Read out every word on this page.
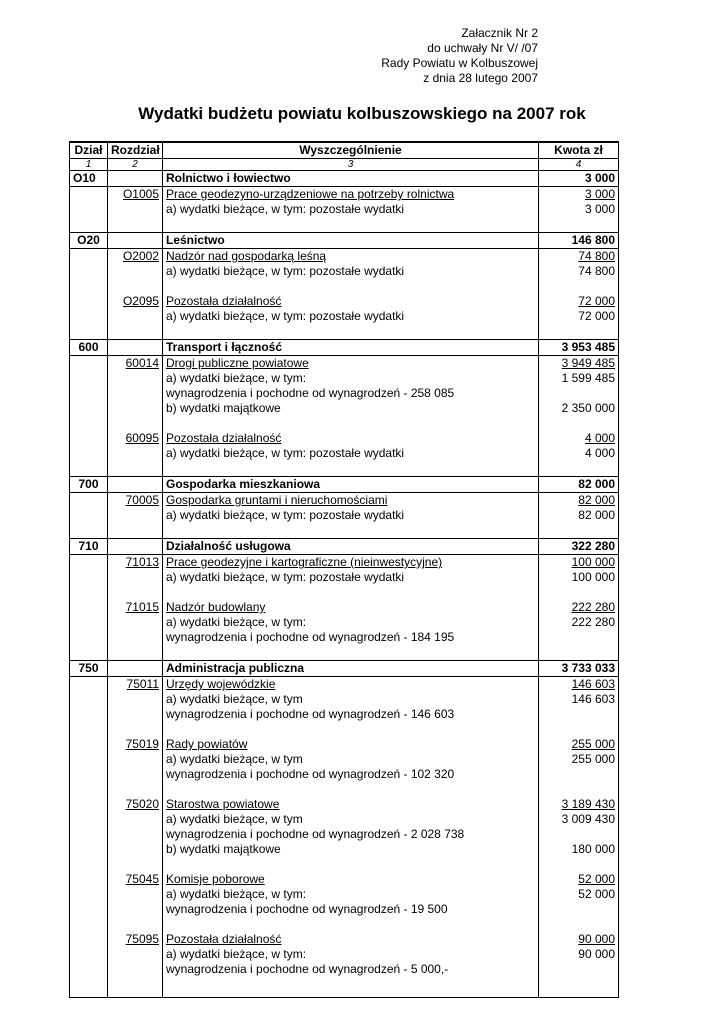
Załacznik Nr 2
do uchwały Nr V/ /07
Rady Powiatu w Kolbuszowej
z dnia 28 lutego 2007
Wydatki budżetu powiatu kolbuszowskiego na 2007 rok
Dział	Rozdział	Wyszczególnienie	Kwota zł
1	2	3	4
O10		Rolnictwo i łowiectwo	3 000
	O1005	Prace geodezyno-urządzeniowe na potrzeby rolnictwa	3 000
		a) wydatki bieżące, w tym: pozostałe wydatki	3 000

O20		Leśnictwo	146 800
	O2002	Nadzór nad gospodarką leśną	74 800
		a) wydatki bieżące, w tym: pozostałe wydatki	74 800

	O2095	Pozostała działalność	72 000
		a) wydatki bieżące, w tym: pozostałe wydatki	72 000

600		Transport i łączność	3 953 485
	60014	Drogi publiczne powiatowe	3 949 485
		a) wydatki bieżące, w tym:	1 599 485
		wynagrodzenia i pochodne od wynagrodzeń - 258 085	
		b) wydatki majątkowe	2 350 000

	60095	Pozostała działalność	4 000
		a) wydatki bieżące, w tym: pozostałe wydatki	4 000

700		Gospodarka mieszkaniowa	82 000
	70005	Gospodarka gruntami i nieruchomościami	82 000
		a) wydatki bieżące, w tym: pozostałe wydatki	82 000

710		Działalność usługowa	322 280
	71013	Prace geodezyjne i kartograficzne (nieinwestycyjne)	100 000
		a) wydatki bieżące, w tym: pozostałe wydatki	100 000

	71015	Nadzór budowlany	222 280
		a) wydatki bieżące, w tym:	222 280
		wynagrodzenia i pochodne od wynagrodzeń - 184 195	

750		Administracja publiczna	3 733 033
	75011	Urzędy wojewódzkie	146 603
		a) wydatki bieżące, w tym	146 603
		wynagrodzenia i pochodne od wynagrodzeń - 146 603	

	75019	Rady powiatów	255 000
		a) wydatki bieżące, w tym	255 000
		wynagrodzenia i pochodne od wynagrodzeń - 102 320	

	75020	Starostwa powiatowe	3 189 430
		a) wydatki bieżące, w tym	3 009 430
		wynagrodzenia i pochodne od wynagrodzeń - 2 028 738	
		b) wydatki majątkowe	180 000

	75045	Komisje poborowe	52 000
		a) wydatki bieżące, w tym:	52 000
		wynagrodzenia i pochodne od wynagrodzeń - 19 500	

	75095	Pozostała działalność	90 000
		a) wydatki bieżące, w tym:	90 000
		wynagrodzenia i pochodne od wynagrodzeń - 5 000,-	
